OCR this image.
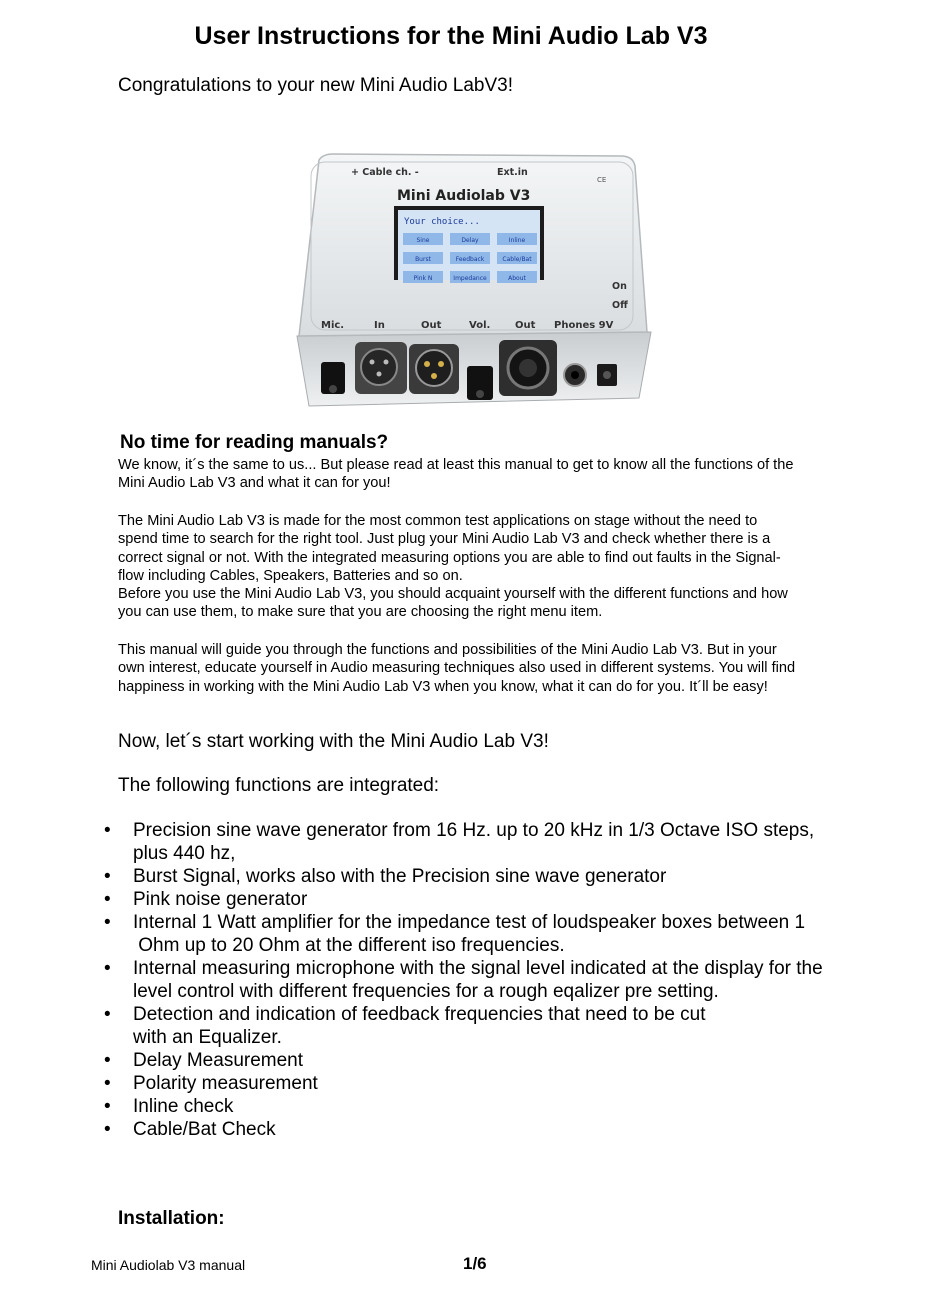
User Instructions for the Mini Audio Lab V3
Congratulations to your new Mini Audio LabV3!
+ Cable ch. -	Ext.in
CE
Mini Audiolab V3
Your choice...
Sine	Delay	Inline
Burst	Feedback	Cable/Bat
Pink N	Impedance	About
On
Off
Mic.	In	Out	Vol. Out Phones 9V
No time for reading manuals?
We know, it´s the same to us... But please read at least this manual to get to know all the functions of the
Mini Audio Lab V3 and what it can for you!
The Mini Audio Lab V3 is made for the most common test applications on stage without the need to
spend time to search for the right tool. Just plug your Mini Audio Lab V3 and check whether there is a
correct signal or not. With the integrated measuring options you are able to find out faults in the Signal-
flow including Cables, Speakers, Batteries and so on.
Before you use the Mini Audio Lab V3, you should acquaint yourself with the different functions and how
you can use them, to make sure that you are choosing the right menu item.
This manual will guide you through the functions and possibilities of the Mini Audio Lab V3. But in your
own interest, educate yourself in Audio measuring techniques also used in different systems. You will find
happiness in working with the Mini Audio Lab V3 when you know, what it can do for you. It´ll be easy!
Now, let´s start working with the Mini Audio Lab V3!
The following functions are integrated:
• Precision sine wave generator from 16 Hz. up to 20 kHz in 1/3 Octave ISO steps,
plus 440 hz,
• Burst Signal, works also with the Precision sine wave generator
• Pink noise generator
• Internal 1 Watt amplifier for the impedance test of loudspeaker boxes between 1
Ohm up to 20 Ohm at the different iso frequencies.
• Internal measuring microphone with the signal level indicated at the display for the
level control with different frequencies for a rough eqalizer pre setting.
• Detection and indication of feedback frequencies that need to be cut
with an Equalizer.
• Delay Measurement
• Polarity measurement
• Inline check
• Cable/Bat Check
Installation:
Mini Audiolab V3 manual	1/6
